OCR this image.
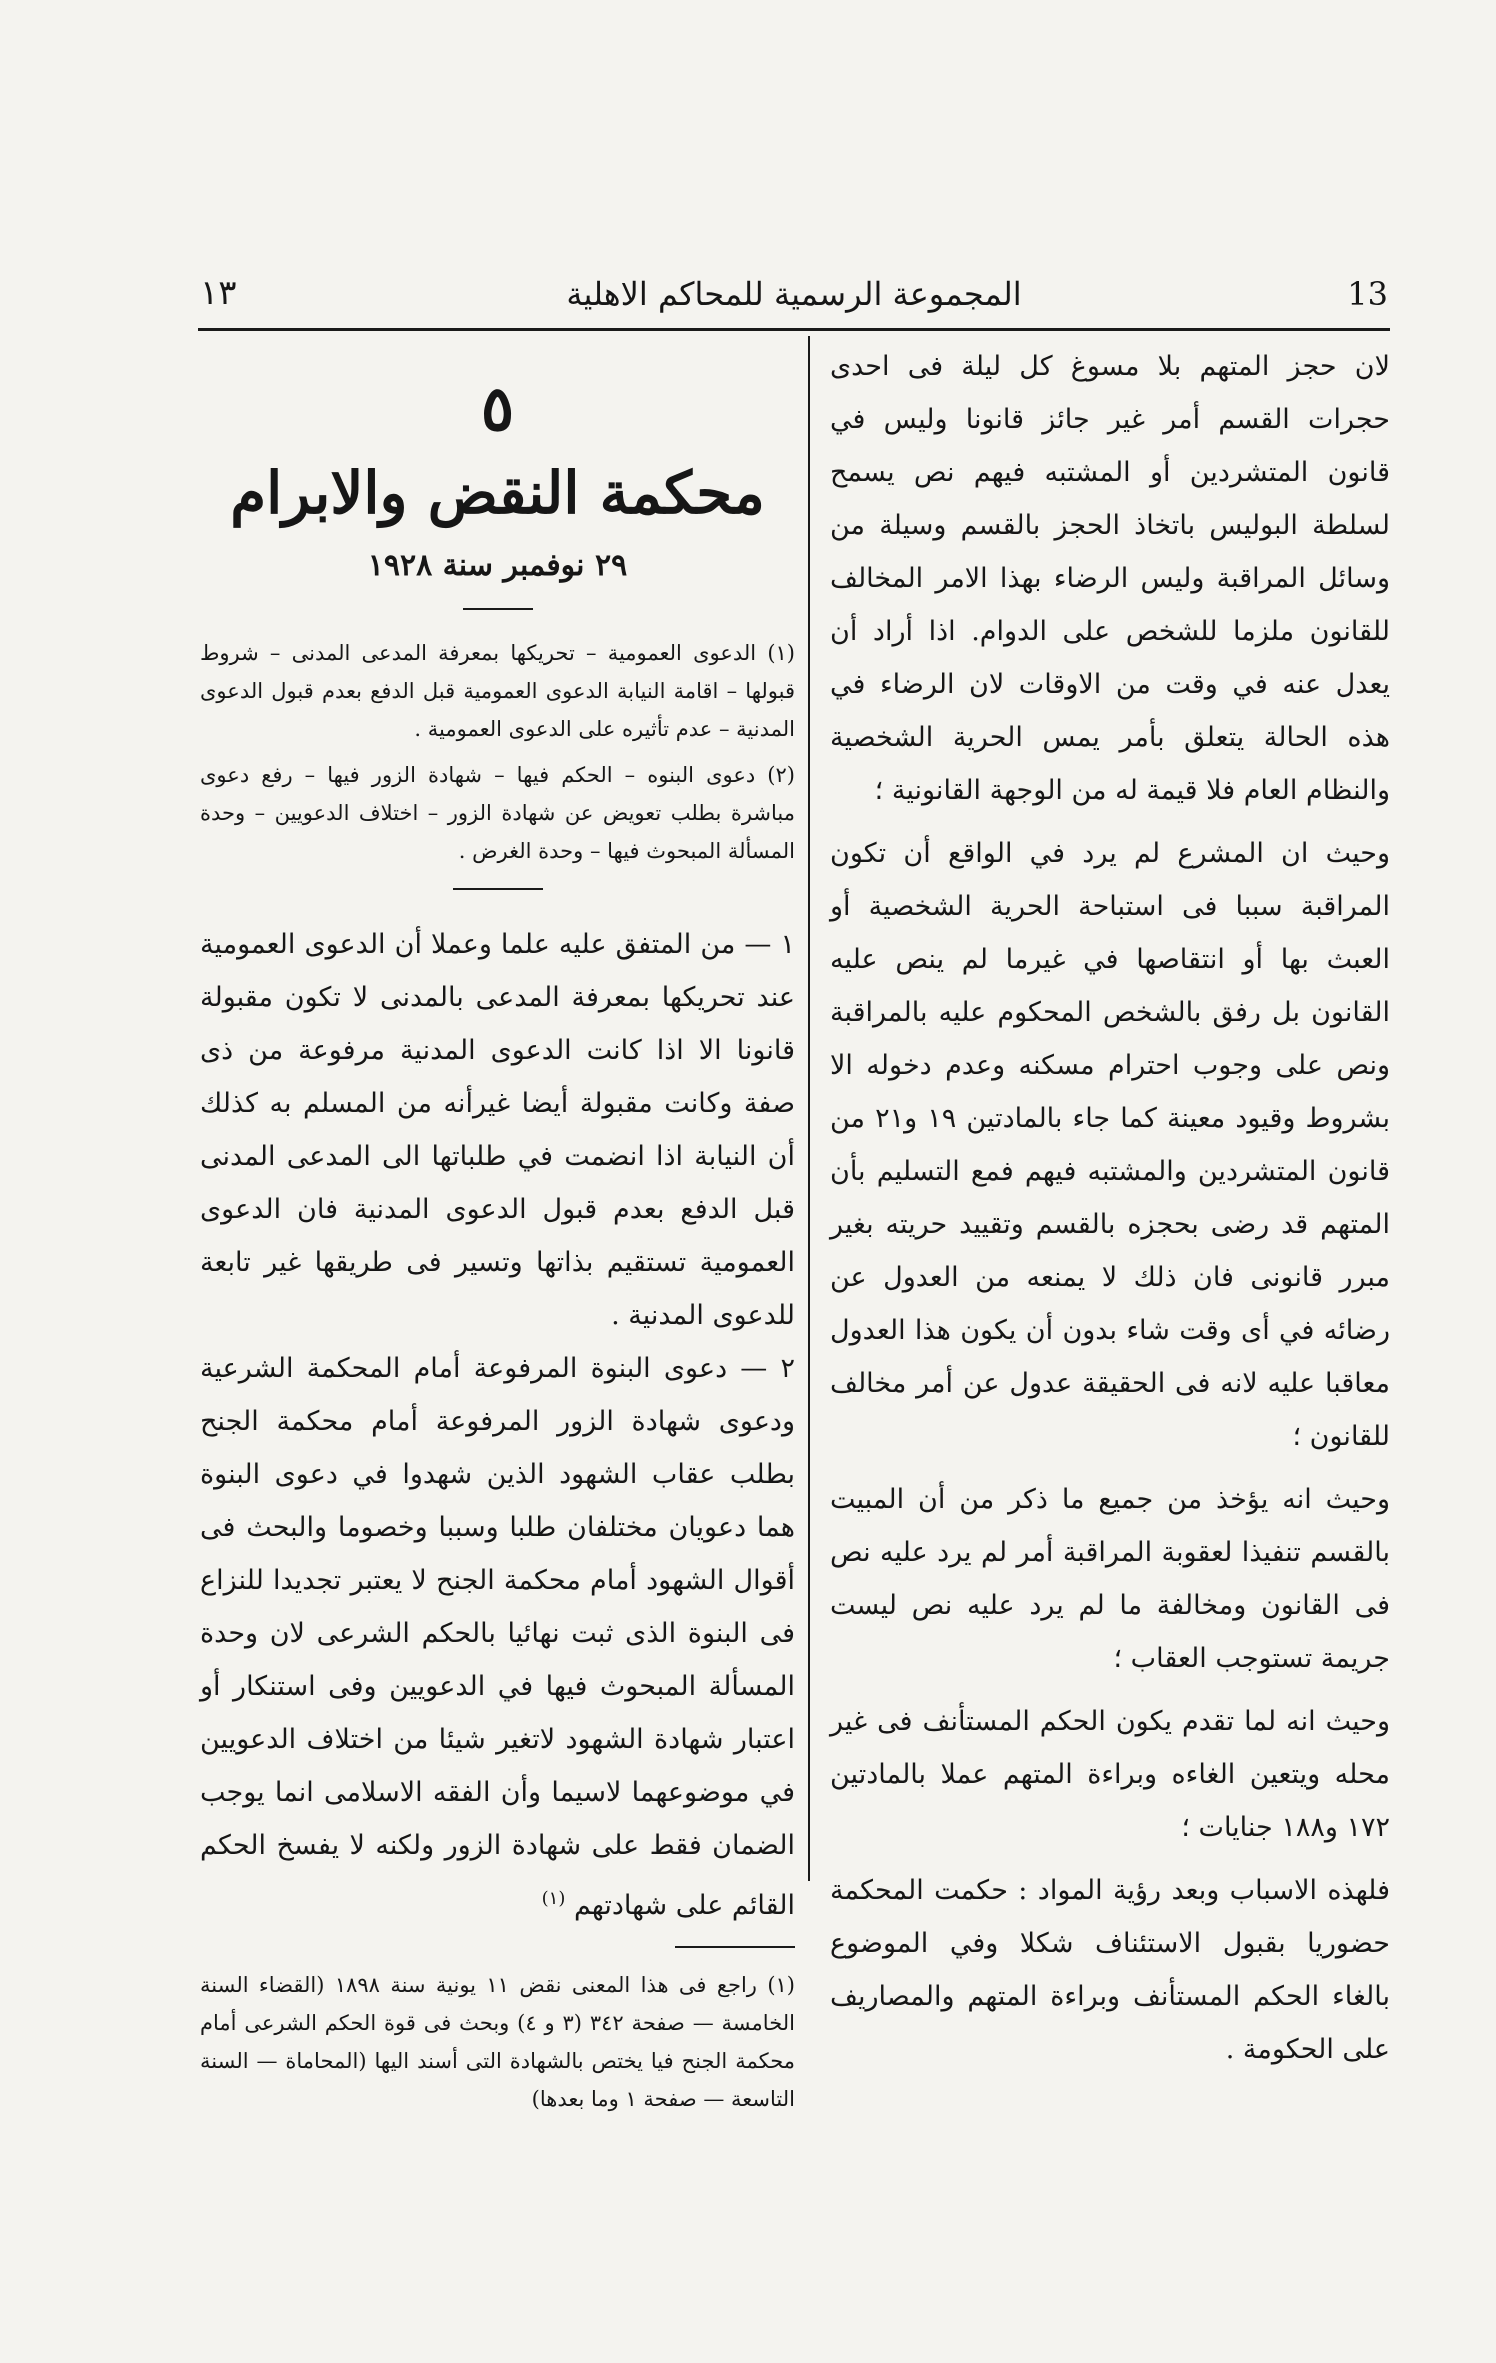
١٣	المجموعة الرسمية للمحاكم الاهلية	13

لان حجز المتهم بلا مسوغ كل ليلة فى احدى حجرات القسم أمر غير جائز قانونا وليس في قانون المتشردين أو المشتبه فيهم نص يسمح لسلطة البوليس باتخاذ الحجز بالقسم وسيلة من وسائل المراقبة وليس الرضاء بهذا الامر المخالف للقانون ملزما للشخص على الدوام. اذا أراد أن يعدل عنه في وقت من الاوقات لان الرضاء في هذه الحالة يتعلق بأمر يمس الحرية الشخصية والنظام العام فلا قيمة له من الوجهة القانونية ؛

وحيث ان المشرع لم يرد في الواقع أن تكون المراقبة سببا فى استباحة الحرية الشخصية أو العبث بها أو انتقاصها في غيرما لم ينص عليه القانون بل رفق بالشخص المحكوم عليه بالمراقبة ونص على وجوب احترام مسكنه وعدم دخوله الا بشروط وقيود معينة كما جاء بالمادتين ١٩ و٢١ من قانون المتشردين والمشتبه فيهم فمع التسليم بأن المتهم قد رضى بحجزه بالقسم وتقييد حريته بغير مبرر قانونى فان ذلك لا يمنعه من العدول عن رضائه في أى وقت شاء بدون أن يكون هذا العدول معاقبا عليه لانه فى الحقيقة عدول عن أمر مخالف للقانون ؛

وحيث انه يؤخذ من جميع ما ذكر من أن المبيت بالقسم تنفيذا لعقوبة المراقبة أمر لم يرد عليه نص فى القانون ومخالفة ما لم يرد عليه نص ليست جريمة تستوجب العقاب ؛

وحيث انه لما تقدم يكون الحكم المستأنف فى غير محله ويتعين الغاءه وبراءة المتهم عملا بالمادتين ١٧٢ و١٨٨ جنايات ؛

فلهذه الاسباب وبعد رؤية المواد : حكمت المحكمة حضوريا بقبول الاستئناف شكلا وفي الموضوع بالغاء الحكم المستأنف وبراءة المتهم والمصاريف على الحكومة .

٥
محكمة النقض والابرام
٢٩ نوفمبر سنة ١٩٢٨

(١) الدعوى العمومية – تحريكها بمعرفة المدعى المدنى – شروط قبولها – اقامة النيابة الدعوى العمومية قبل الدفع بعدم قبول الدعوى المدنية – عدم تأثيره على الدعوى العمومية .

(٢) دعوى البنوه – الحكم فيها – شهادة الزور فيها – رفع دعوى مباشرة بطلب تعويض عن شهادة الزور – اختلاف الدعويين – وحدة المسألة المبحوث فيها – وحدة الغرض .

١ — من المتفق عليه علما وعملا أن الدعوى العمومية عند تحريكها بمعرفة المدعى بالمدنى لا تكون مقبولة قانونا الا اذا كانت الدعوى المدنية مرفوعة من ذى صفة وكانت مقبولة أيضا غيرأنه من المسلم به كذلك أن النيابة اذا انضمت في طلباتها الى المدعى المدنى قبل الدفع بعدم قبول الدعوى المدنية فان الدعوى العمومية تستقيم بذاتها وتسير فى طريقها غير تابعة للدعوى المدنية .

٢ — دعوى البنوة المرفوعة أمام المحكمة الشرعية ودعوى شهادة الزور المرفوعة أمام محكمة الجنح بطلب عقاب الشهود الذين شهدوا في دعوى البنوة هما دعويان مختلفان طلبا وسببا وخصوما والبحث فى أقوال الشهود أمام محكمة الجنح لا يعتبر تجديدا للنزاع فى البنوة الذى ثبت نهائيا بالحكم الشرعى لان وحدة المسألة المبحوث فيها في الدعويين وفى استنكار أو اعتبار شهادة الشهود لاتغير شيئا من اختلاف الدعويين في موضوعهما لاسيما وأن الفقه الاسلامى انما يوجب الضمان فقط على شهادة الزور ولكنه لا يفسخ الحكم القائم على شهادتهم $^{(١)}$

(١) راجع فى هذا المعنى نقض ١١ يونية سنة ١٨٩٨ (القضاء السنة الخامسة — صفحة ٣٤٢ (٣ و ٤) وبحث فى قوة الحكم الشرعى أمام محكمة الجنح فيا يختص بالشهادة التى أسند اليها (المحاماة — السنة التاسعة — صفحة ١ وما بعدها)
